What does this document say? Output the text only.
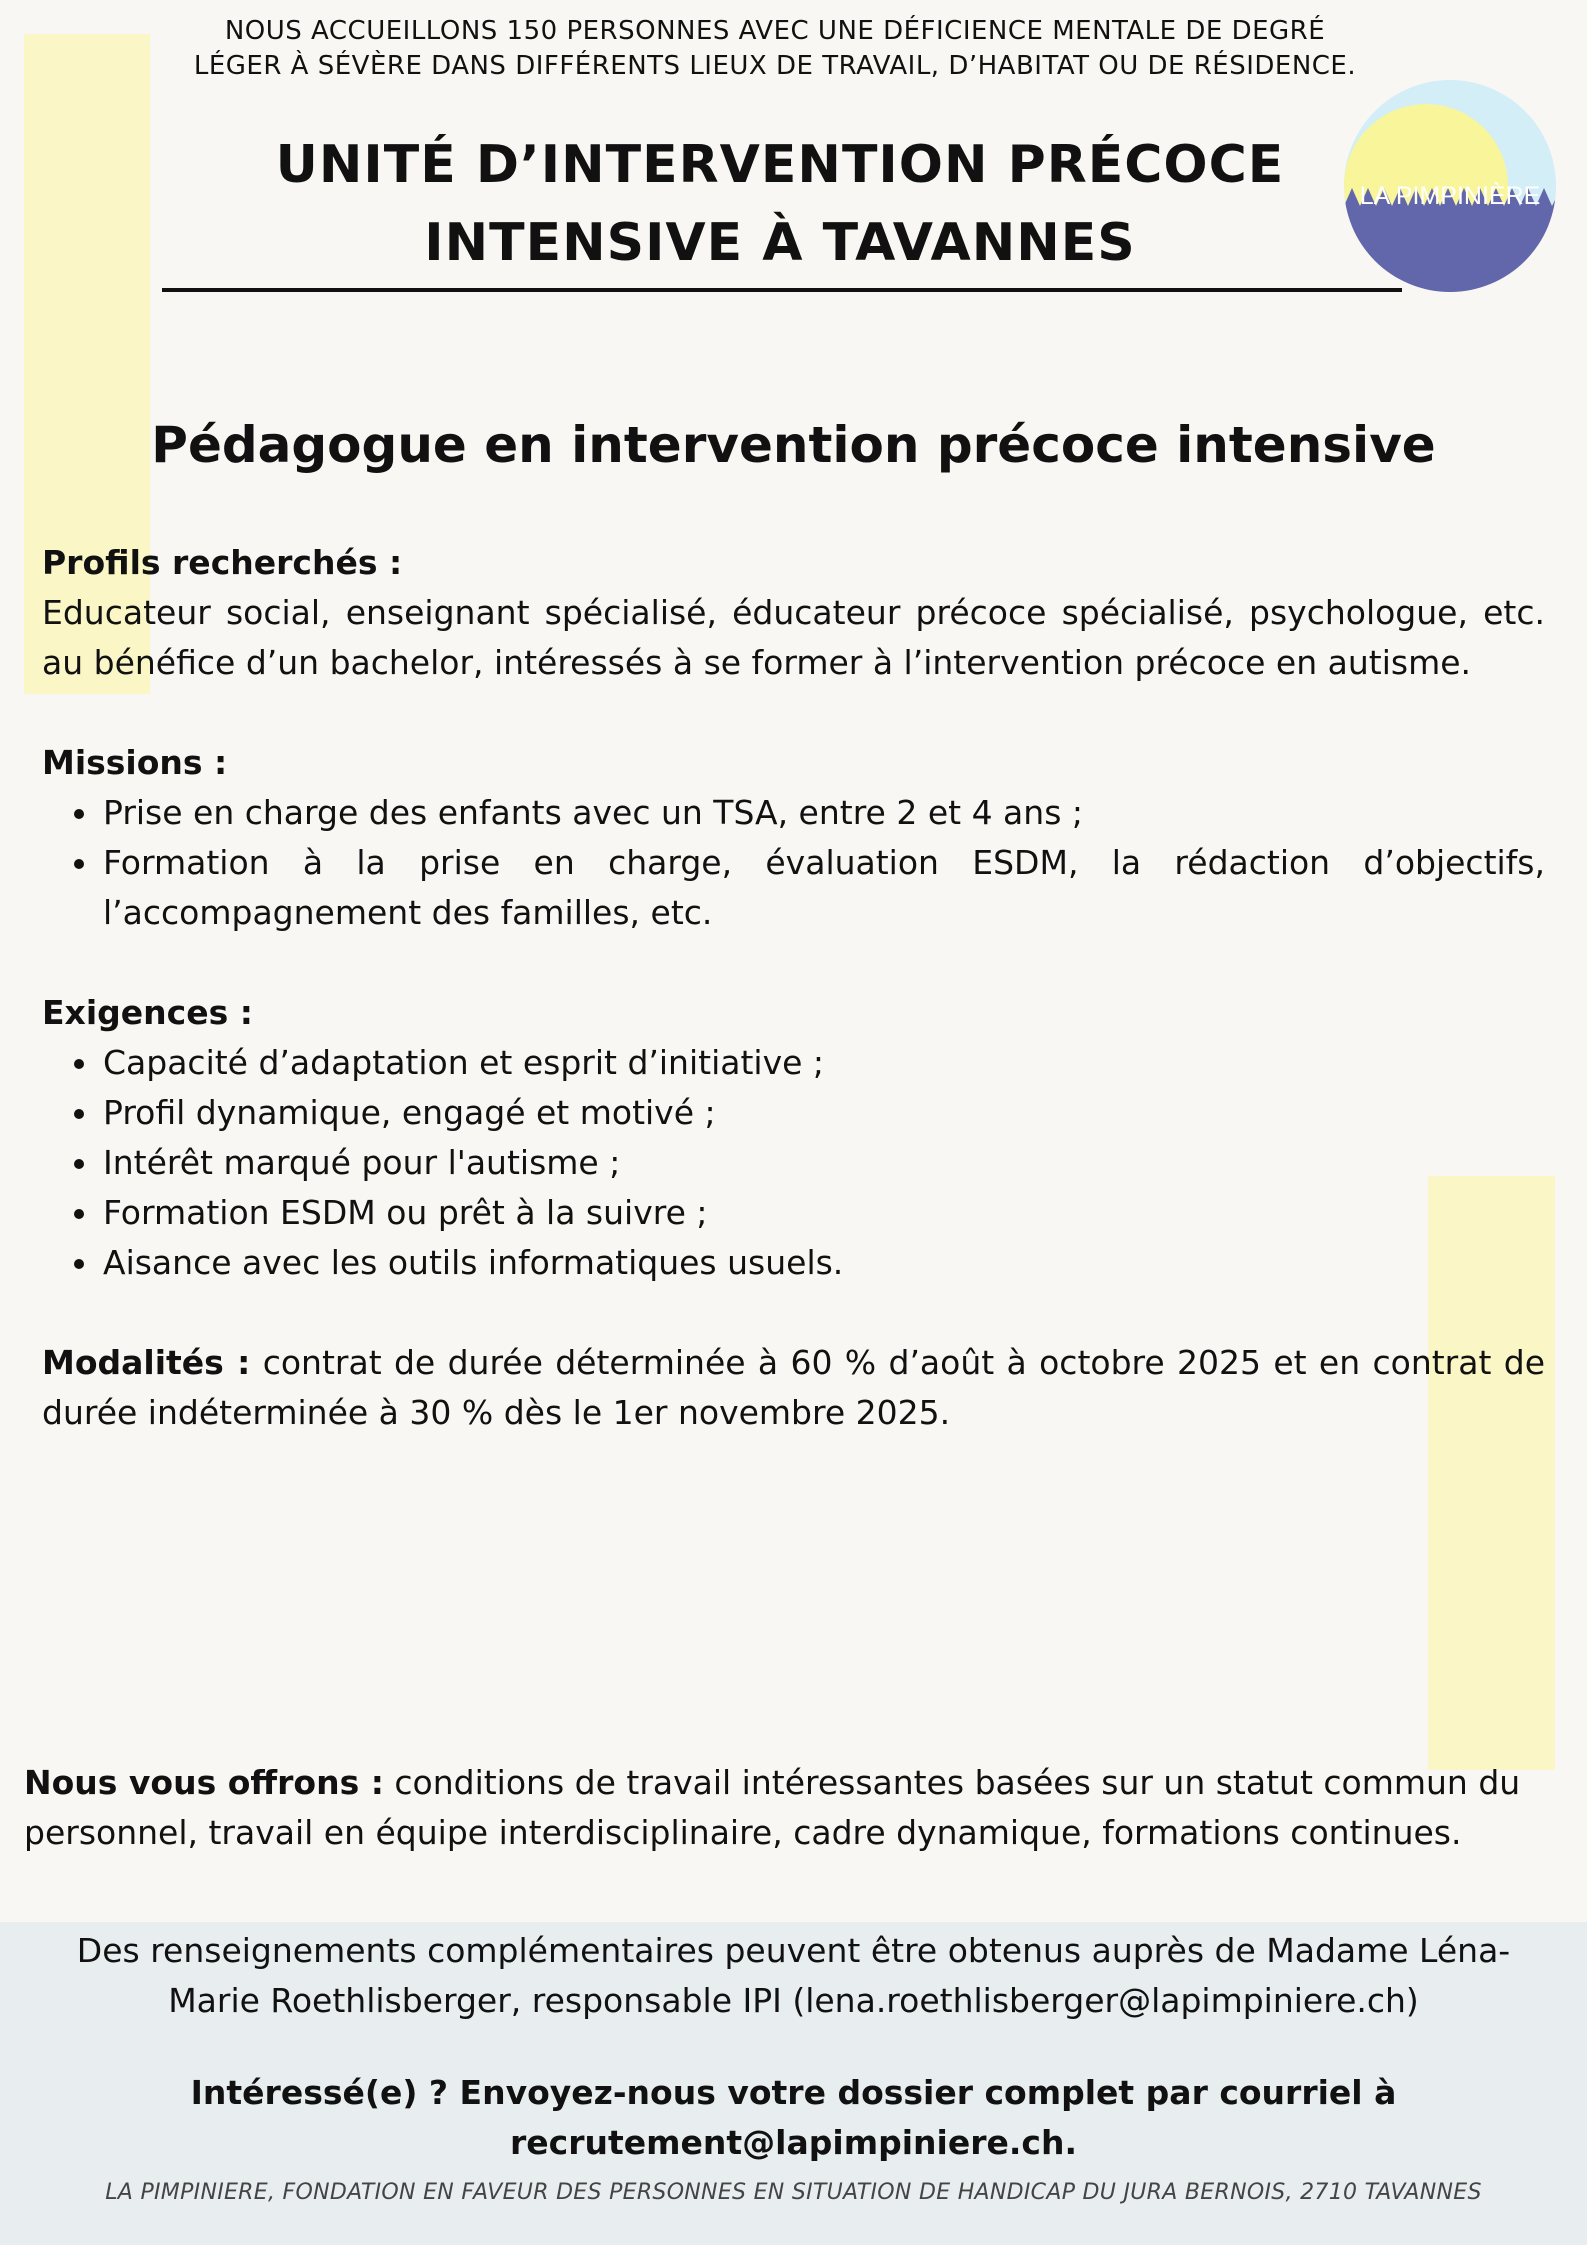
NOUS ACCUEILLONS 150 PERSONNES AVEC UNE DÉFICIENCE MENTALE DE DEGRÉ
LÉGER À SÉVÈRE DANS DIFFÉRENTS LIEUX DE TRAVAIL, D’HABITAT OU DE RÉSIDENCE.
UNITÉ D’INTERVENTION PRÉCOCE
INTENSIVE À TAVANNES
LA PIMPINIÈRE
Pédagogue en intervention précoce intensive

Profils recherchés :

Educateur social, enseignant spécialisé, éducateur précoce spécialisé, psychologue, etc. au bénéfice d’un bachelor, intéressés à se former à l’intervention précoce en autisme.

Missions :

Prise en charge des enfants avec un TSA, entre 2 et 4 ans ;
Formation à la prise en charge, évaluation ESDM, la rédaction d’objectifs, l’accompagnement des familles, etc.

Exigences :

Capacité d’adaptation et esprit d’initiative ;
Profil dynamique, engagé et motivé ;
Intérêt marqué pour l'autisme ;
Formation ESDM ou prêt à la suivre ;
Aisance avec les outils informatiques usuels.

Modalités : contrat de durée déterminée à 60 % d’août à octobre 2025 et en contrat de durée indéterminée à 30 % dès le 1er novembre 2025.

Nous vous offrons : conditions de travail intéressantes basées sur un statut commun du personnel, travail en équipe interdisciplinaire, cadre dynamique, formations continues.

Des renseignements complémentaires peuvent être obtenus auprès de Madame Léna-Marie Roethlisberger, responsable IPI (lena.roethlisberger@lapimpiniere.ch)
Intéressé(e) ? Envoyez-nous votre dossier complet par courriel à recrutement@lapimpiniere.ch.
LA PIMPINIERE, FONDATION EN FAVEUR DES PERSONNES EN SITUATION DE HANDICAP DU JURA BERNOIS, 2710 TAVANNES
